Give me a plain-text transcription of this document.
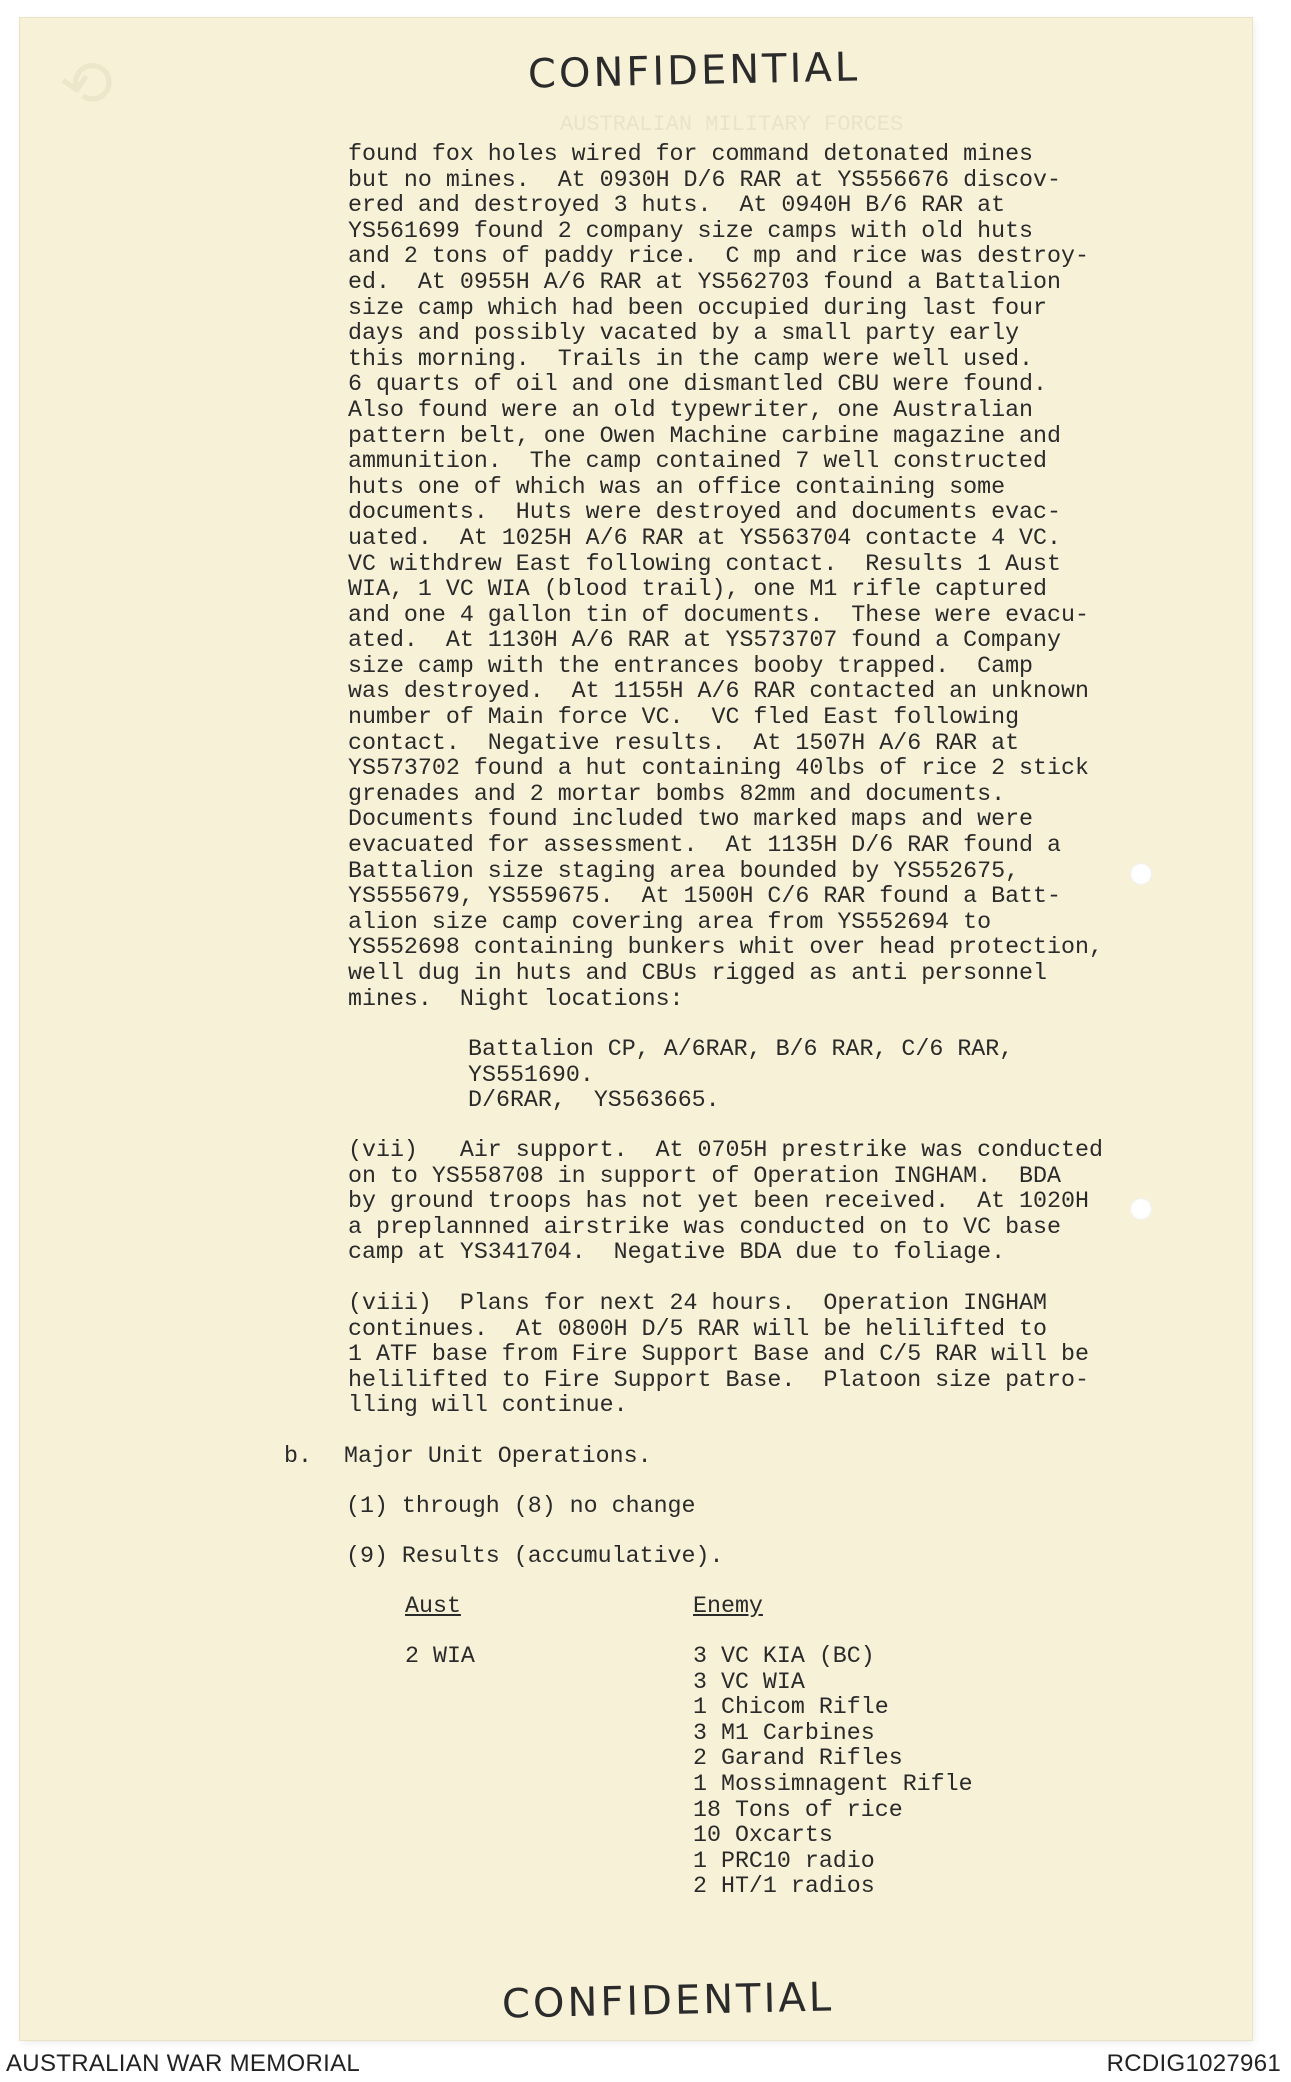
⟲	CONFIDENTIAL
found fox holes wired for command detonated mines
but no mines.  At 0930H D/6 RAR at YS556676 discov-
ered and destroyed 3 huts.  At 0940H B/6 RAR at
YS561699 found 2 company size camps with old huts
and 2 tons of paddy rice.  C mp and rice was destroy-
ed.  At 0955H A/6 RAR at YS562703 found a Battalion
size camp which had been occupied during last four
days and possibly vacated by a small party early
this morning.  Trails in the camp were well used.
6 quarts of oil and one dismantled CBU were found.
Also found were an old typewriter, one Australian
pattern belt, one Owen Machine carbine magazine and
ammunition.  The camp contained 7 well constructed
huts one of which was an office containing some
documents.  Huts were destroyed and documents evac-
uated.  At 1025H A/6 RAR at YS563704 contacte 4 VC.
VC withdrew East following contact.  Results 1 Aust
WIA, 1 VC WIA (blood trail), one M1 rifle captured
and one 4 gallon tin of documents.  These were evacu-
ated.  At 1130H A/6 RAR at YS573707 found a Company
size camp with the entrances booby trapped.  Camp
was destroyed.  At 1155H A/6 RAR contacted an unknown
number of Main force VC.  VC fled East following
contact.  Negative results.  At 1507H A/6 RAR at
YS573702 found a hut containing 40lbs of rice 2 stick
grenades and 2 mortar bombs 82mm and documents.
Documents found included two marked maps and were
evacuated for assessment.  At 1135H D/6 RAR found a
Battalion size staging area bounded by YS552675,
YS555679, YS559675.  At 1500H C/6 RAR found a Batt-
alion size camp covering area from YS552694 to
YS552698 containing bunkers whit over head protection,
well dug in huts and CBUs rigged as anti personnel
mines.  Night locations:
Battalion CP, A/6RAR, B/6 RAR, C/6 RAR,
YS551690.
D/6RAR,  YS563665.
(vii)   Air support.  At 0705H prestrike was conducted
on to YS558708 in support of Operation INGHAM.  BDA
by ground troops has not yet been received.  At 1020H
a preplannned airstrike was conducted on to VC base
camp at YS341704.  Negative BDA due to foliage.
(viii)  Plans for next 24 hours.  Operation INGHAM
continues.  At 0800H D/5 RAR will be helilifted to
1 ATF base from Fire Support Base and C/5 RAR will be
helilifted to Fire Support Base.  Platoon size patro-
lling will continue.
b. Major Unit Operations.
(1) through (8) no change
(9) Results (accumulative).
Aust	Enemy
2 WIA	3 VC KIA (BC)
3 VC WIA
1 Chicom Rifle
3 M1 Carbines
2 Garand Rifles
1 Mossimnagent Rifle
18 Tons of rice
10 Oxcarts
1 PRC10 radio
2 HT/1 radios
CONFIDENTIAL
AUSTRALIAN WAR MEMORIAL	RCDIG1027961
